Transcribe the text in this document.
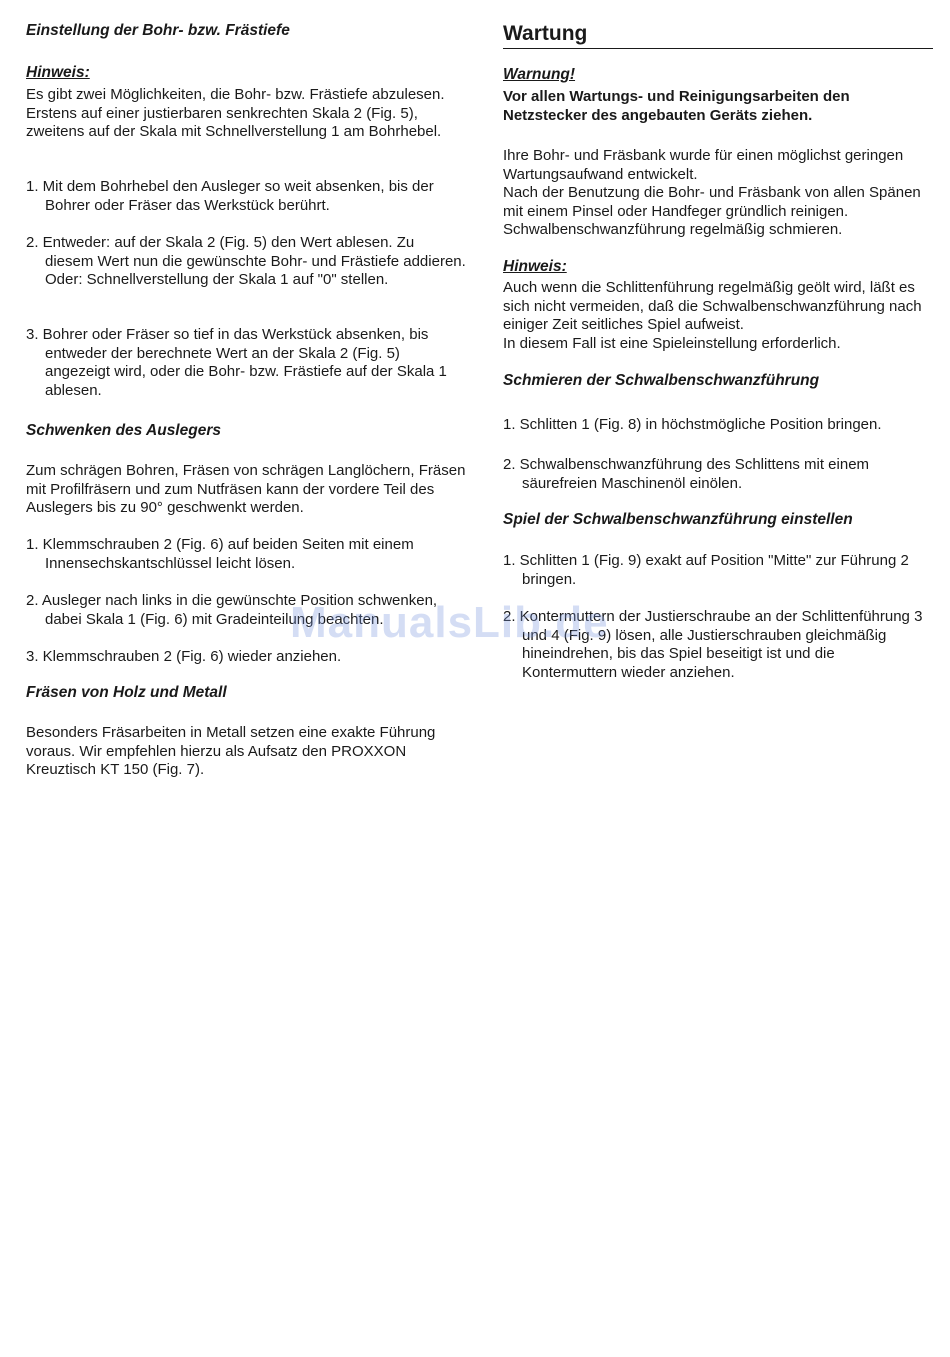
Einstellung der Bohr- bzw. Frästiefe

Hinweis:

Es gibt zwei Möglichkeiten, die Bohr- bzw. Frästiefe abzulesen. Erstens auf einer justierbaren senkrechten Skala 2 (Fig. 5), zweitens auf der Skala mit Schnellverstellung 1 am Bohrhebel.

1. Mit dem Bohrhebel den Ausleger so weit absenken, bis der Bohrer oder Fräser das Werkstück berührt.

2. Entweder: auf der Skala 2 (Fig. 5) den Wert ablesen. Zu diesem Wert nun die gewünschte Bohr- und Frästiefe addieren.

Oder: Schnellverstellung der Skala 1 auf "0" stellen.

3. Bohrer oder Fräser so tief in das Werkstück absenken, bis entweder der berechnete Wert an der Skala 2 (Fig. 5) angezeigt wird, oder die Bohr- bzw. Frästiefe auf der Skala 1 ablesen.

Schwenken des Auslegers

Zum schrägen Bohren, Fräsen von schrägen Langlöchern, Fräsen mit Profilfräsern und zum Nutfräsen kann der vordere Teil des Auslegers bis zu 90° geschwenkt werden.

1. Klemmschrauben 2 (Fig. 6) auf beiden Seiten mit einem Innensechskantschlüssel leicht lösen.

2. Ausleger nach links in die gewünschte Position schwenken, dabei Skala 1 (Fig. 6) mit Gradeinteilung beachten.

3. Klemmschrauben 2 (Fig. 6) wieder anziehen.

Fräsen von Holz und Metall

Besonders Fräsarbeiten in Metall setzen eine exakte Führung voraus. Wir empfehlen hierzu als Aufsatz den PROXXON Kreuztisch KT 150 (Fig. 7).

Wartung

Warnung!

Vor allen Wartungs- und Reinigungsarbeiten den Netzstecker des angebauten Geräts ziehen.

Ihre Bohr- und Fräsbank wurde für einen möglichst geringen Wartungsaufwand entwickelt.

Nach der Benutzung die Bohr- und Fräsbank von allen Spänen mit einem Pinsel oder Handfeger gründlich reinigen. Schwalbenschwanzführung regelmäßig schmieren.

Hinweis:

Auch wenn die Schlittenführung regelmäßig geölt wird, läßt es sich nicht vermeiden, daß die Schwalbenschwanzführung nach einiger Zeit seitliches Spiel aufweist.

In diesem Fall ist eine Spieleinstellung erforderlich.

Schmieren der Schwalbenschwanzführung

1. Schlitten 1 (Fig. 8) in höchstmögliche Position bringen.

2. Schwalbenschwanzführung des Schlittens mit einem säurefreien Maschinenöl einölen.

Spiel der Schwalbenschwanzführung einstellen

1. Schlitten 1 (Fig. 9) exakt auf Position "Mitte" zur Führung 2 bringen.

2. Kontermuttern der Justierschraube an der Schlittenführung 3 und 4 (Fig. 9) lösen, alle Justierschrauben gleichmäßig hineindrehen, bis das Spiel beseitigt ist und die Kontermuttern wieder anziehen.

ManualsLib.de
